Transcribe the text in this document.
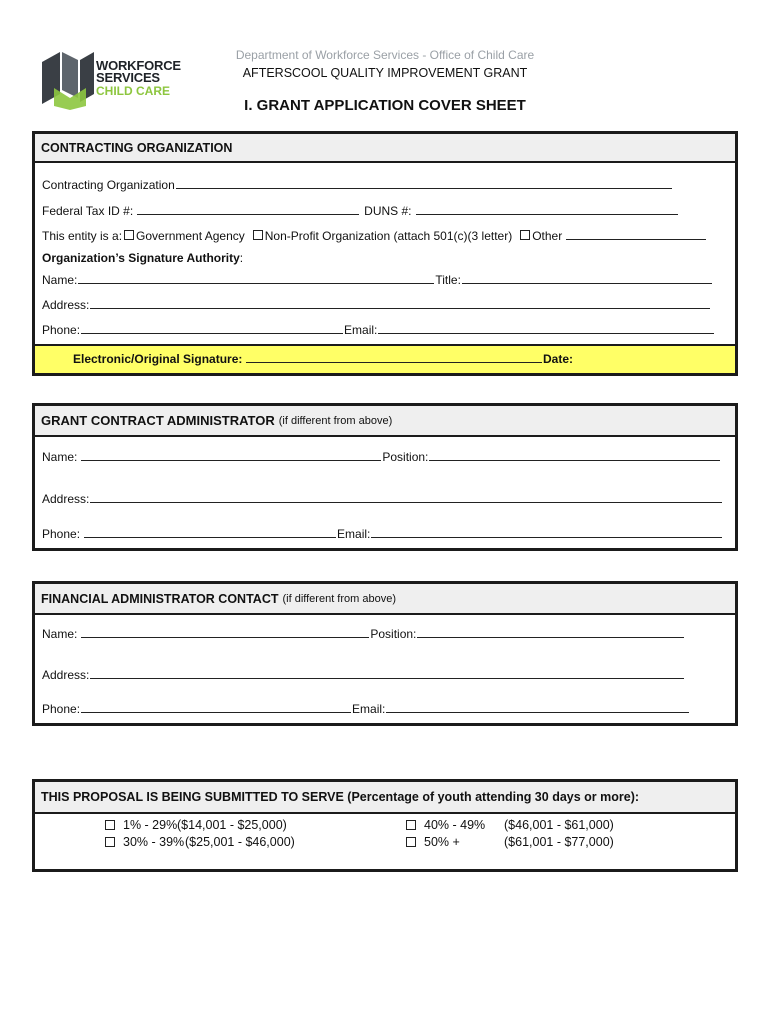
WORKFORCE
SERVICES
CHILD CARE
Department of Workforce Services - Office of Child Care
AFTERSCOOL QUALITY IMPROVEMENT GRANT
I. GRANT APPLICATION COVER SHEET
CONTRACTING ORGANIZATION
Contracting Organization
Federal Tax ID #:	DUNS #:
This entity is a: Government Agency Non-Profit Organization (attach 501(c)(3 letter) Other
Organization’s Signature Authority :
Name:	Title:
Address:
Phone:	Email:
Electronic/Original Signature:	Date:
GRANT CONTRACT ADMINISTRATOR (if different from above)
Name:	Position:
Address:
Phone:	Email:
FINANCIAL ADMINISTRATOR CONTACT (if different from above)
Name:	Position:
Address:
Phone:	Email:
THIS PROPOSAL IS BEING SUBMITTED TO SERVE (Percentage of youth attending 30 days or more):
1% - 29% ($14,001 - $25,000)
30% - 39% ($25,001 - $46,000)
40% - 49%	($46,001 - $61,000)
50% +	($61,001 - $77,000)
